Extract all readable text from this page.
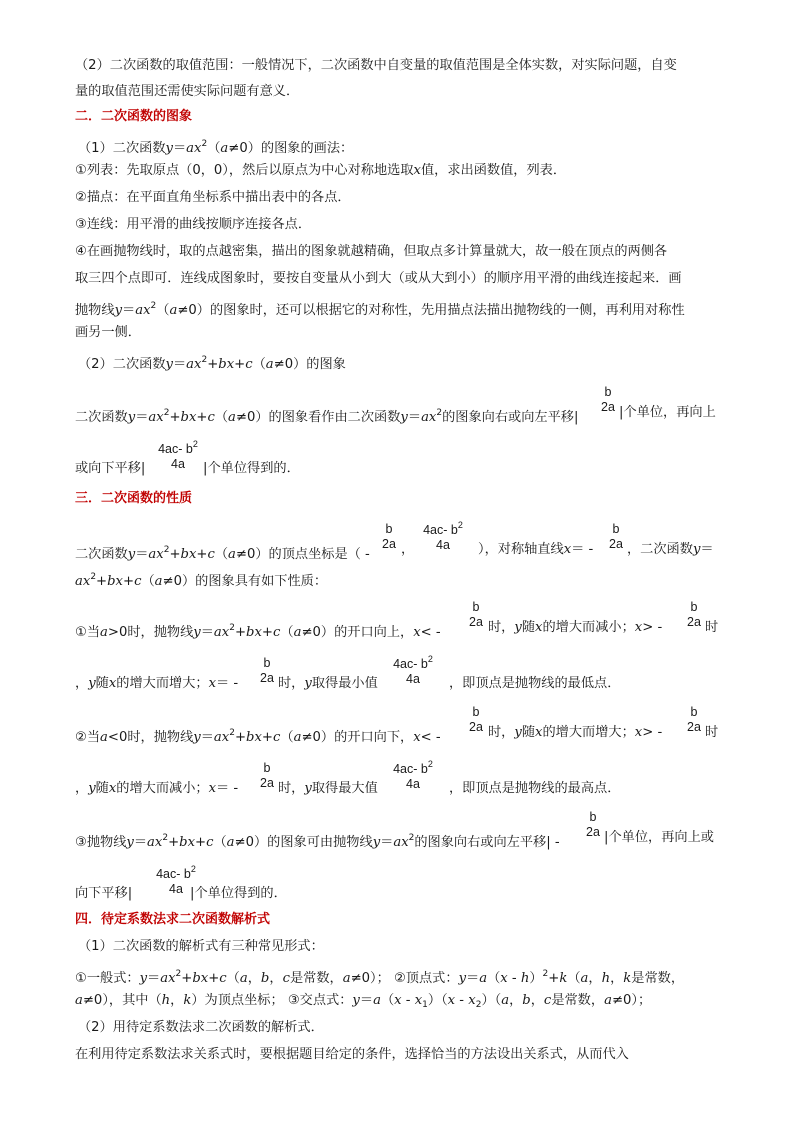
（2）二次函数的取值范围：一般情况下，二次函数中自变量的取值范围是全体实数，对实际问题，自变
量的取值范围还需使实际问题有意义．
二．二次函数的图象
（1）二次函数$y=ax^2(a\ne 0)$的图象的画法：
①列表：先取原点（0，0），然后以原点为中心对称地选取x值，求出函数值，列表．
②描点：在平面直角坐标系中描出表中的各点．
③连线：用平滑的曲线按顺序连接各点．
④在画抛物线时，取的点越密集，描出的图象就越精确，但取点多计算量就大，故一般在顶点的两侧各
取三四个点即可．连线成图象时，要按自变量从小到大（或从大到小）的顺序用平滑的曲线连接起来．画
抛物线$y=ax^2(a\ne 0)$的图象时，还可以根据它的对称性，先用描点法描出抛物线的一侧，再利用对称性
画另一侧．
（2）二次函数$y=ax^2+bx+c(a\ne 0)$的图象
二次函数$y=ax^2+bx+c(a\ne 0)$的图象看作由二次函数$y=ax^2$的图象向右或向左平移|
b
2a |个单位，再向上
4ac- $b^2$
4a
或向下平移|	|个单位得到的．
三．二次函数的性质
二次函数$y=ax^2+bx+c(a\ne 0)$的顶点坐标是（ -
b
2a ，
4ac- $b^2$
4a	），对称轴直线x＝ -
b
2a ，二次函数y＝
$ax^2+bx+c(a\ne 0)$的图象具有如下性质：
①当a>0时，抛物线$y=ax^2+bx+c(a\ne 0)$的开口向上，x< -
b
2a 时，y随x的增大而减小；x> -
b
2a 时
，y随x的增大而增大；x＝ -
b
2a 时，y取得最小值
4ac- $b^2$
4a	，即顶点是抛物线的最低点．
②当a<0时，抛物线$y=ax^2+bx+c(a\ne 0)$的开口向下，x< -
b
2a 时，y随x的增大而增大；x> -
b
2a 时
，y随x的增大而减小；x＝ -
b
2a 时，y取得最大值
4ac- $b^2$
4a	，即顶点是抛物线的最高点．
③抛物线$y=ax^2+bx+c(a\ne 0)$的图象可由抛物线$y=ax^2$的图象向右或向左平移| -
b
2a |个单位，再向上或
4ac- $b^2$
4a
向下平移|	|个单位得到的．
四．待定系数法求二次函数解析式
（1）二次函数的解析式有三种常见形式：
①一般式：$y=ax^2+bx+c(a$，b，c是常数，a≠0）； ②顶点式：y＝a（x - h）$^2$+k（a，h，k是常数，
a≠0），其中（h，k）为顶点坐标； ③交点式：$y=a(x - x_1)(x - x_2)(a$，b，c是常数，a≠0）；
（2）用待定系数法求二次函数的解析式．
在利用待定系数法求关系式时，要根据题目给定的条件，选择恰当的方法设出关系式，从而代入
